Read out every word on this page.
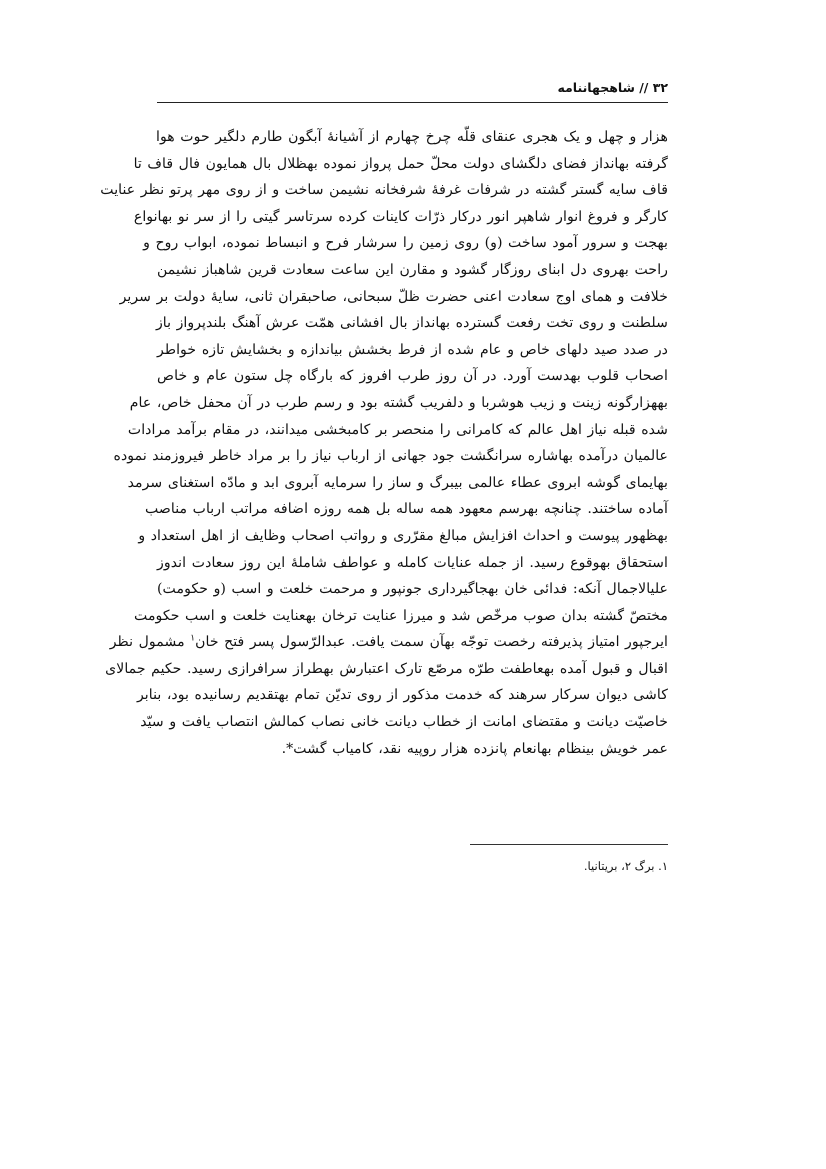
۳۲ // شاهجهاننامه
هزار و چهل و یک هجری عنقای قلّه چرخ چهارم از آشیانهٔ آبگون طارم دلگیر حوت هوا
گرفته بهانداز فضای دلگشای دولت محلّ حمل پرواز نموده بهظلال بال همایون فال قاف تا
قاف سایه گستر گشته در شرفات غرفهٔ شرفخانه نشیمن ساخت و از روی مهر پرتو نظر عنایت
کارگر و فروغ انوار شاهپر انور درکار ذرّات کاینات کرده سرتاسر گیتی را از سر نو بهانواع
بهجت و سرور آمود ساخت (و) روی زمین را سرشار فرح و انبساط نموده، ابواب روح و
راحت بهروی دل ابنای روزگار گشود و مقارن این ساعت سعادت قرین شاهباز نشیمن
خلافت و همای اوج سعادت اعنی حضرت ظلّ سبحانی، صاحبقران ثانی، سایهٔ دولت بر سریر
سلطنت و روی تخت رفعت گسترده بهانداز بال افشانی همّت عرش آهنگ بلندپرواز باز
در صدد صید دلهای خاص و عام شده از فرط بخشش بیاندازه و بخشایش تازه خواطر
اصحاب قلوب بهدست آورد. در آن روز طرب افروز که بارگاه چل ستون عام و خاص
بههزارگونه زینت و زیب هوشربا و دلفریب گشته بود و رسم طرب در آن محفل خاص، عام
شده قبله نیاز اهل عالم که کامرانی را منحصر بر کامبخشی میدانند، در مقام برآمد مرادات
عالمیان درآمده بهاشاره سرانگشت جود جهانی از ارباب نیاز را بر مراد خاطر فیروزمند نموده
بهایمای گوشه ابروی عطاء عالمی بیبرگ و ساز را سرمایه آبروی ابد و مادّه استغنای سرمد
آماده ساختند. چنانچه بهرسم معهود همه ساله بل همه روزه اضافه مراتب ارباب مناصب
بهظهور پیوست و احداث افزایش مبالغ مقرّری و رواتب اصحاب وظایف از اهل استعداد و
استحقاق بهوقوع رسید. از جمله عنایات کامله و عواطف شاملهٔ این روز سعادت اندوز
علیالاجمال آنکه: فدائی خان بهجاگیرداری جونپور و مرحمت خلعت و اسب (و حکومت)
مختصّ گشته بدان صوب مرخّص شد و میرزا عنایت ترخان بهعنایت خلعت و اسب حکومت
ایرجپور امتیاز پذیرفته رخصت توجّه بهآن سمت یافت. عبدالرّسول پسر فتح خان$^۱$ مشمول نظر
اقبال و قبول آمده بهعاطفت طرّه مرصّع تارک اعتبارش بهطراز سرافرازی رسید. حکیم جمالای
کاشی دیوان سرکار سرهند که خدمت مذکور از روی تدیّن تمام بهتقدیم رسانیده بود، بنابر
خاصیّت دیانت و مقتضای امانت از خطاب دیانت خانی نصاب کمالش انتصاب یافت و سیّد
عمر خویش بینظام بهانعام پانزده هزار روپیه نقد، کامیاب گشت*.
۱. برگ ۲، بریتانیا.
